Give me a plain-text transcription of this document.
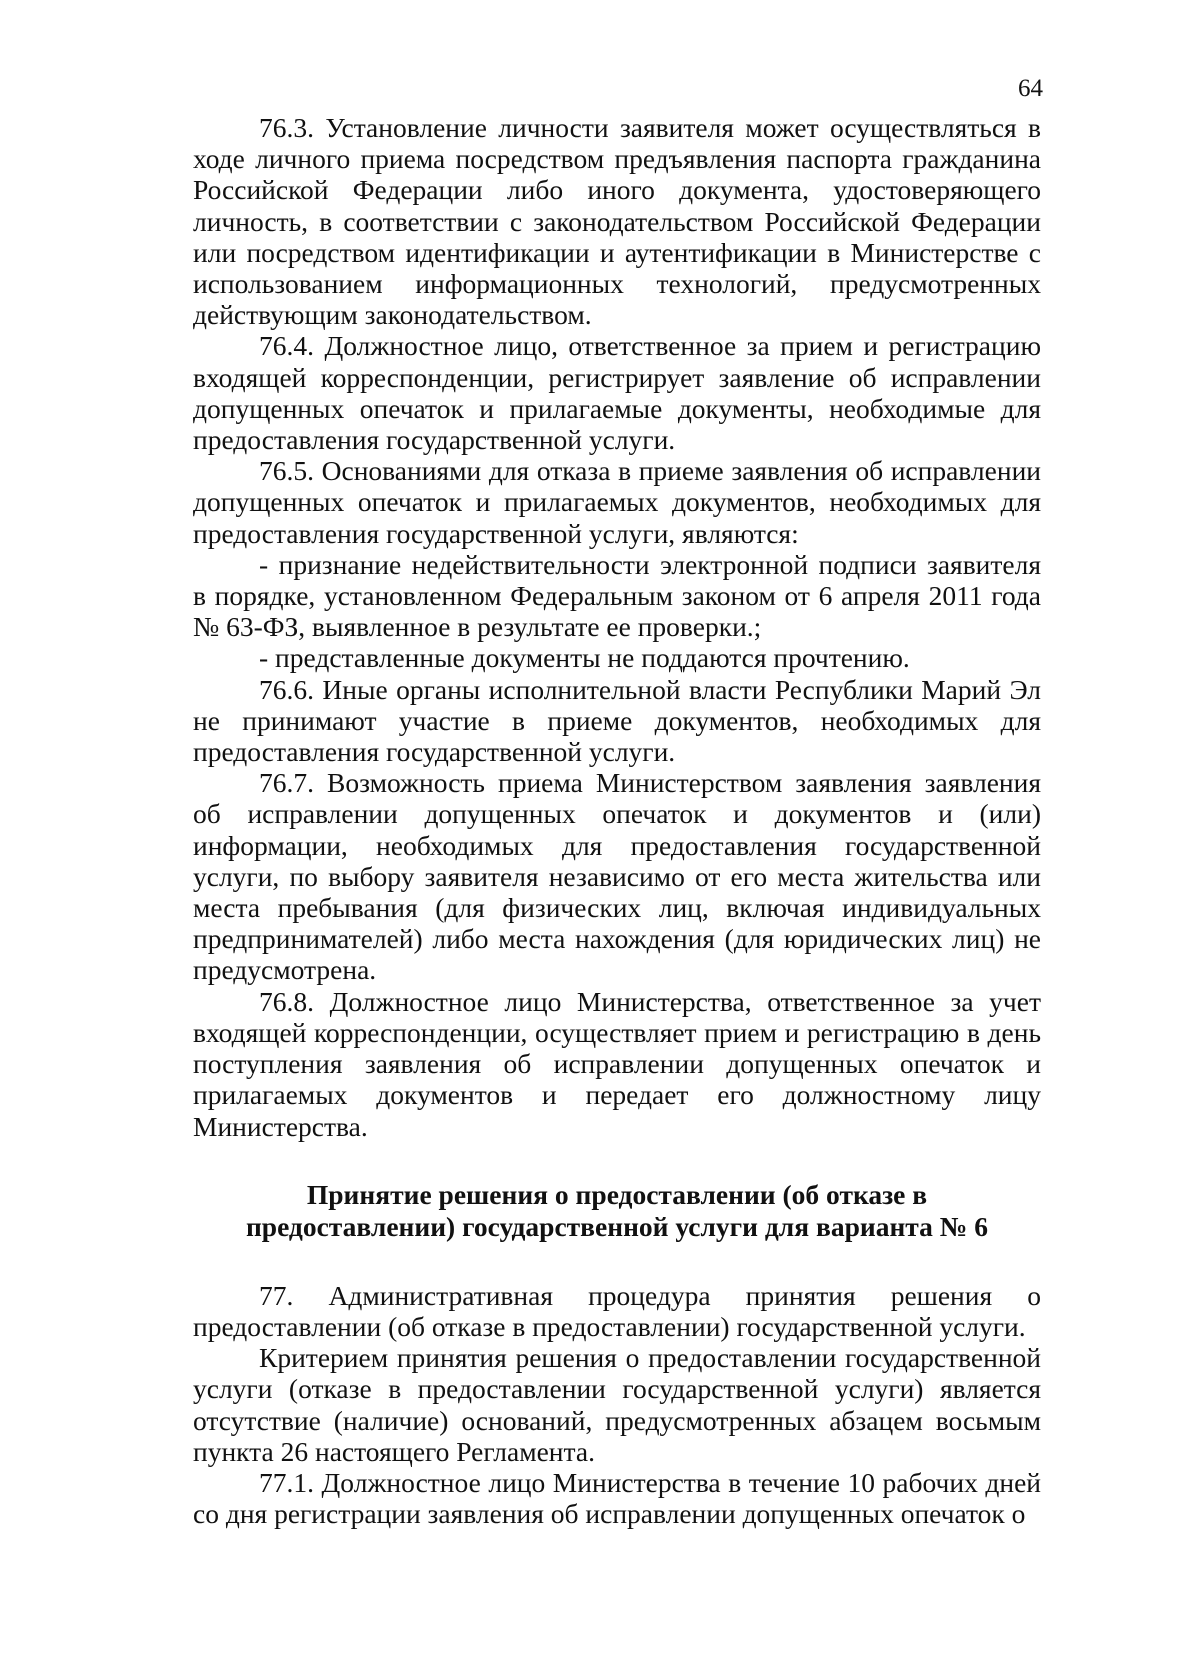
64

76.3. Установление личности заявителя может осуществляться в ходе личного приема посредством предъявления паспорта гражданина Российской Федерации либо иного документа, удостоверяющего личность, в соответствии с законодательством Российской Федерации или посредством идентификации и аутентификации в Министерстве с использованием информационных технологий, предусмотренных действующим законодательством.

76.4. Должностное лицо, ответственное за прием и регистрацию входящей корреспонденции, регистрирует заявление об исправлении допущенных опечаток и прилагаемые документы, необходимые для предоставления государственной услуги.

76.5. Основаниями для отказа в приеме заявления об исправлении допущенных опечаток и прилагаемых документов, необходимых для предоставления государственной услуги, являются:

- признание недействительности электронной подписи заявителя в порядке, установленном Федеральным законом от 6 апреля 2011 года № 63-ФЗ, выявленное в результате ее проверки.;

- представленные документы не поддаются прочтению.

76.6. Иные органы исполнительной власти Республики Марий Эл не принимают участие в приеме документов, необходимых для предоставления государственной услуги.

76.7. Возможность приема Министерством заявления заявления об исправлении допущенных опечаток и документов и (или) информации, необходимых для предоставления государственной услуги, по выбору заявителя независимо от его места жительства или места пребывания (для физических лиц, включая индивидуальных предпринимателей) либо места нахождения (для юридических лиц) не предусмотрена.

76.8. Должностное лицо Министерства, ответственное за учет входящей корреспонденции, осуществляет прием и регистрацию в день поступления заявления об исправлении допущенных опечаток и прилагаемых документов и передает его должностному лицу Министерства.

Принятие решения о предоставлении (об отказе в
предоставлении) государственной услуги для варианта № 6

77. Административная процедура принятия решения о предоставлении (об отказе в предоставлении) государственной услуги.

Критерием принятия решения о предоставлении государственной услуги (отказе в предоставлении государственной услуги) является отсутствие (наличие) оснований, предусмотренных абзацем восьмым пункта 26 настоящего Регламента.

77.1. Должностное лицо Министерства в течение 10 рабочих дней со дня регистрации заявления об исправлении допущенных опечаток о
